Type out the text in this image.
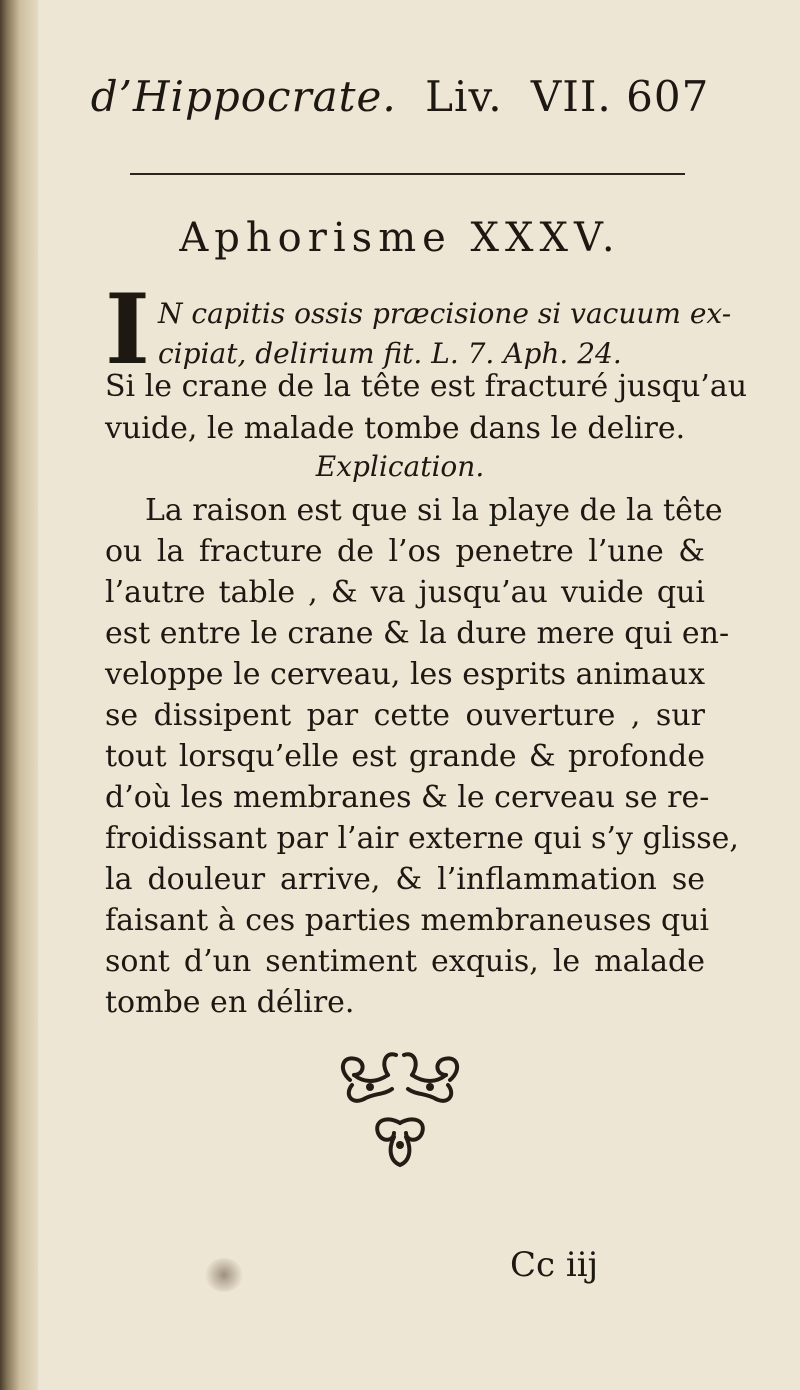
d’Hippocrate. Liv. VII. 607
Aphorisme XXXV.
I N capitis ossis præcisione si vacuum ex-
cipiat, delirium fit. L. 7. Aph. 24.
Si le crane de la tête est fracturé jusqu’au
vuide, le malade tombe dans le delire.
Explication.
La raison est que si la playe de la tête
ou la fracture de l’os penetre l’une &
l’autre table , & va jusqu’au vuide qui
est entre le crane & la dure mere qui en-
veloppe le cerveau, les esprits animaux
se dissipent par cette ouverture , sur
tout lorsqu’elle est grande & profonde
d’où les membranes & le cerveau se re-
froidissant par l’air externe qui s’y glisse,
la douleur arrive, & l’inflammation se
faisant à ces parties membraneuses qui
sont d’un sentiment exquis, le malade
tombe en délire.
Cc iij
